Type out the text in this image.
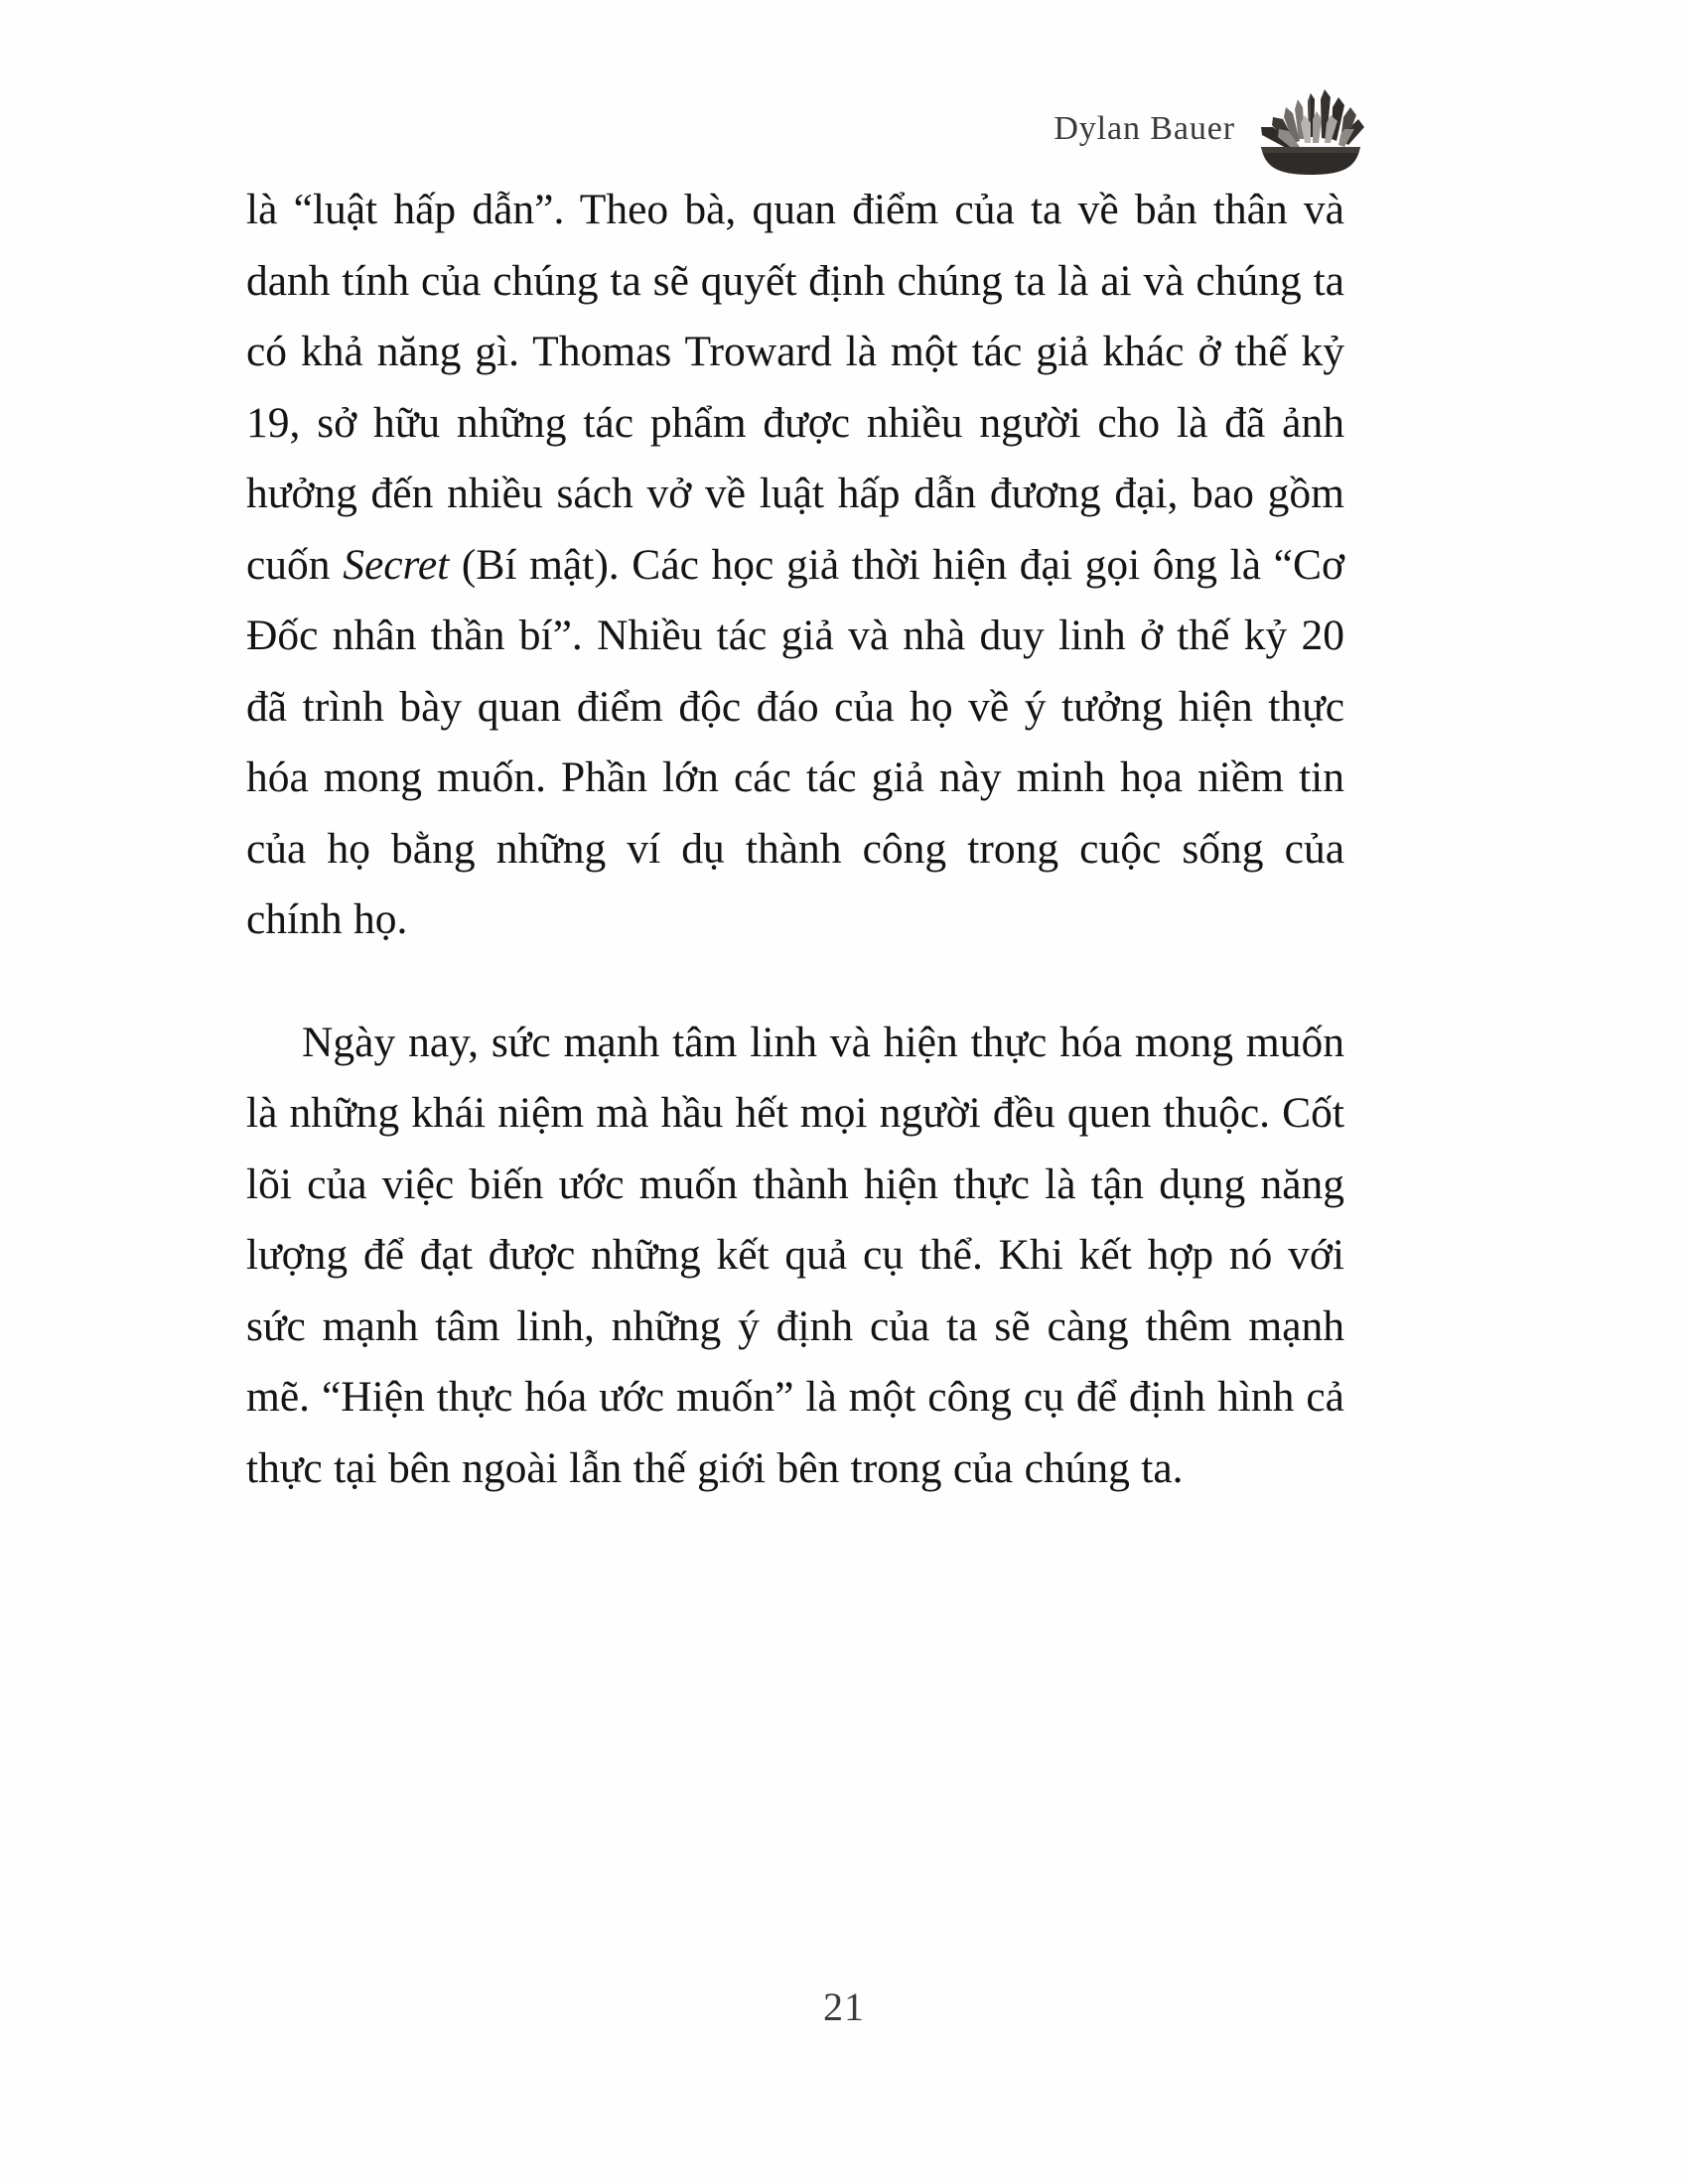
Dylan Bauer

là “luật hấp dẫn”. Theo bà, quan điểm của ta về bản thân và danh tính của chúng ta sẽ quyết định chúng ta là ai và chúng ta có khả năng gì. Thomas Troward là một tác giả khác ở thế kỷ 19, sở hữu những tác phẩm được nhiều người cho là đã ảnh hưởng đến nhiều sách vở về luật hấp dẫn đương đại, bao gồm cuốn Secret (Bí mật). Các học giả thời hiện đại gọi ông là “Cơ Đốc nhân thần bí”. Nhiều tác giả và nhà duy linh ở thế kỷ 20 đã trình bày quan điểm độc đáo của họ về ý tưởng hiện thực hóa mong muốn. Phần lớn các tác giả này minh họa niềm tin của họ bằng những ví dụ thành công trong cuộc sống của chính họ.

Ngày nay, sức mạnh tâm linh và hiện thực hóa mong muốn là những khái niệm mà hầu hết mọi người đều quen thuộc. Cốt lõi của việc biến ước muốn thành hiện thực là tận dụng năng lượng để đạt được những kết quả cụ thể. Khi kết hợp nó với sức mạnh tâm linh, những ý định của ta sẽ càng thêm mạnh mẽ. “Hiện thực hóa ước muốn” là một công cụ để định hình cả thực tại bên ngoài lẫn thế giới bên trong của chúng ta.

21
